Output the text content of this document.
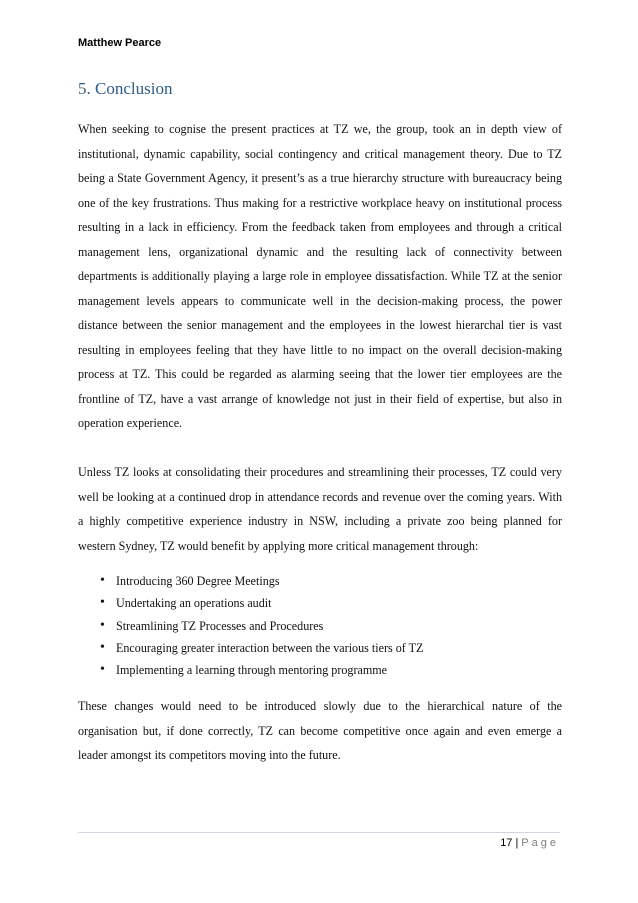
Matthew Pearce
5. Conclusion

When seeking to cognise the present practices at TZ we, the group, took an in depth view of institutional, dynamic capability, social contingency and critical management theory. Due to TZ being a State Government Agency, it present’s as a true hierarchy structure with bureaucracy being one of the key frustrations. Thus making for a restrictive workplace heavy on institutional process resulting in a lack in efficiency. From the feedback taken from employees and through a critical management lens, organizational dynamic and the resulting lack of connectivity between departments is additionally playing a large role in employee dissatisfaction. While TZ at the senior management levels appears to communicate well in the decision-making process, the power distance between the senior management and the employees in the lowest hierarchal tier is vast resulting in employees feeling that they have little to no impact on the overall decision-making process at TZ. This could be regarded as alarming seeing that the lower tier employees are the frontline of TZ, have a vast arrange of knowledge not just in their field of expertise, but also in operation experience.

Unless TZ looks at consolidating their procedures and streamlining their processes, TZ could very well be looking at a continued drop in attendance records and revenue over the coming years. With a highly competitive experience industry in NSW, including a private zoo being planned for western Sydney, TZ would benefit by applying more critical management through:

• Introducing 360 Degree Meetings
• Undertaking an operations audit
• Streamlining TZ Processes and Procedures
• Encouraging greater interaction between the various tiers of TZ
• Implementing a learning through mentoring programme

These changes would need to be introduced slowly due to the hierarchical nature of the organisation but, if done correctly, TZ can become competitive once again and even emerge a leader amongst its competitors moving into the future.

17 | Page
